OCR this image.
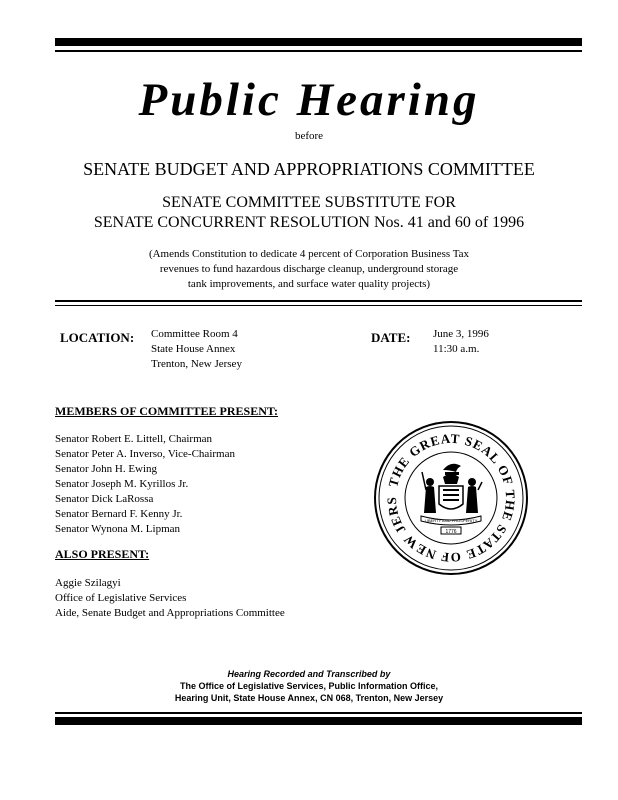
Public Hearing
before
SENATE BUDGET AND APPROPRIATIONS COMMITTEE
SENATE COMMITTEE SUBSTITUTE FOR
SENATE CONCURRENT RESOLUTION Nos. 41 and 60 of 1996
(Amends Constitution to dedicate 4 percent of Corporation Business Tax
revenues to fund hazardous discharge cleanup, underground storage
tank improvements, and surface water quality projects)
LOCATION: Committee Room 4
State House Annex
Trenton, New Jersey
DATE: June 3, 1996
11:30 a.m.
MEMBERS OF COMMITTEE PRESENT:
Senator Robert E. Littell, Chairman
Senator Peter A. Inverso, Vice-Chairman
Senator John H. Ewing
Senator Joseph M. Kyrillos Jr.
Senator Dick LaRossa
Senator Bernard F. Kenny Jr.
Senator Wynona M. Lipman
ALSO PRESENT:
Aggie Szilagyi
Office of Legislative Services
Aide, Senate Budget and Appropriations Committee
THE GREAT SEAL OF THE STATE OF NEW JERS
LIBERTY AND PROSPERITY
1776
Hearing Recorded and Transcribed by
The Office of Legislative Services, Public Information Office,
Hearing Unit, State House Annex, CN 068, Trenton, New Jersey
